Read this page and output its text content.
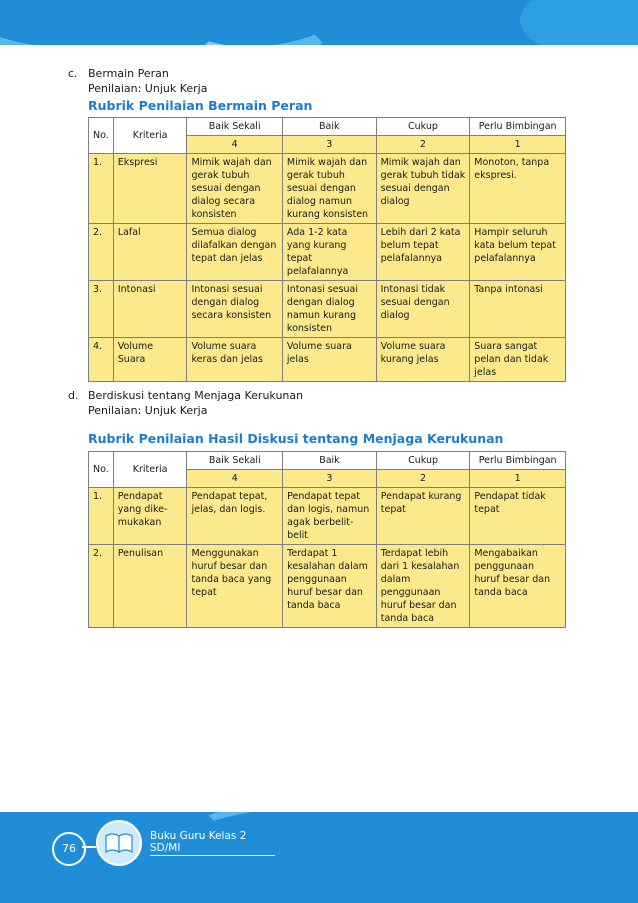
c. Bermain Peran
Penilaian: Unjuk Kerja
Rubrik Penilaian Bermain Peran
No.	Kriteria	Baik Sekali	Baik	Cukup	Perlu Bimbingan
		4	3	2	1
1.	Ekspresi	Mimik wajah dan gerak tubuh sesuai dengan dialog secara konsisten	Mimik wajah dan gerak tubuh sesuai dengan dialog namun kurang konsisten	Mimik wajah dan gerak tubuh tidak sesuai dengan dialog	Monoton, tanpa ekspresi.
2.	Lafal	Semua dialog dilafalkan dengan tepat dan jelas	Ada 1-2 kata yang kurang tepat pelafalannya	Lebih dari 2 kata belum tepat pelafalannya	Hampir seluruh kata belum tepat pelafalannya
3.	Intonasi	Intonasi sesuai dengan dialog secara konsisten	Intonasi sesuai dengan dialog namun kurang konsisten	Intonasi tidak sesuai dengan dialog	Tanpa intonasi
4.	Volume Suara	Volume suara keras dan jelas	Volume suara jelas	Volume suara kurang jelas	Suara sangat pelan dan tidak jelas
d. Berdiskusi tentang Menjaga Kerukunan
Penilaian: Unjuk Kerja
Rubrik Penilaian Hasil Diskusi tentang Menjaga Kerukunan
No.	Kriteria	Baik Sekali	Baik	Cukup	Perlu Bimbingan
		4	3	2	1
1.	Pendapat yang dike-mukakan	Pendapat tepat, jelas, dan logis.	Pendapat tepat dan logis, namun agak berbelit-belit	Pendapat kurang tepat	Pendapat tidak tepat
2.	Penulisan	Menggunakan huruf besar dan tanda baca yang tepat	Terdapat 1 kesalahan dalam penggunaan huruf besar dan tanda baca	Terdapat lebih dari 1 kesalahan dalam penggunaan huruf besar dan tanda baca	Mengabaikan penggunaan huruf besar dan tanda baca
76
Buku Guru Kelas 2 SD/MI
